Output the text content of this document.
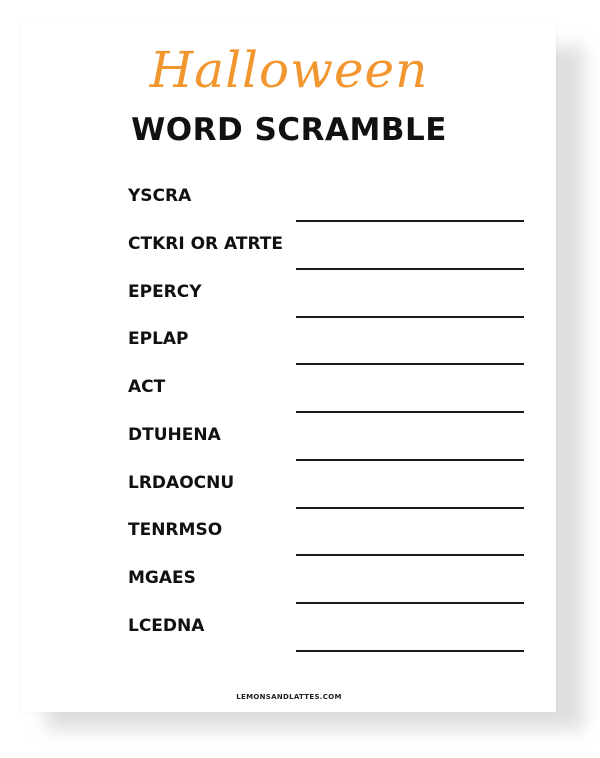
Halloween
WORD SCRAMBLE
YSCRA
CTKRI OR ATRTE
EPERCY
EPLAP
ACT
DTUHENA
LRDAOCNU
TENRMSO
MGAES
LCEDNA
LEMONSANDLATTES.COM
